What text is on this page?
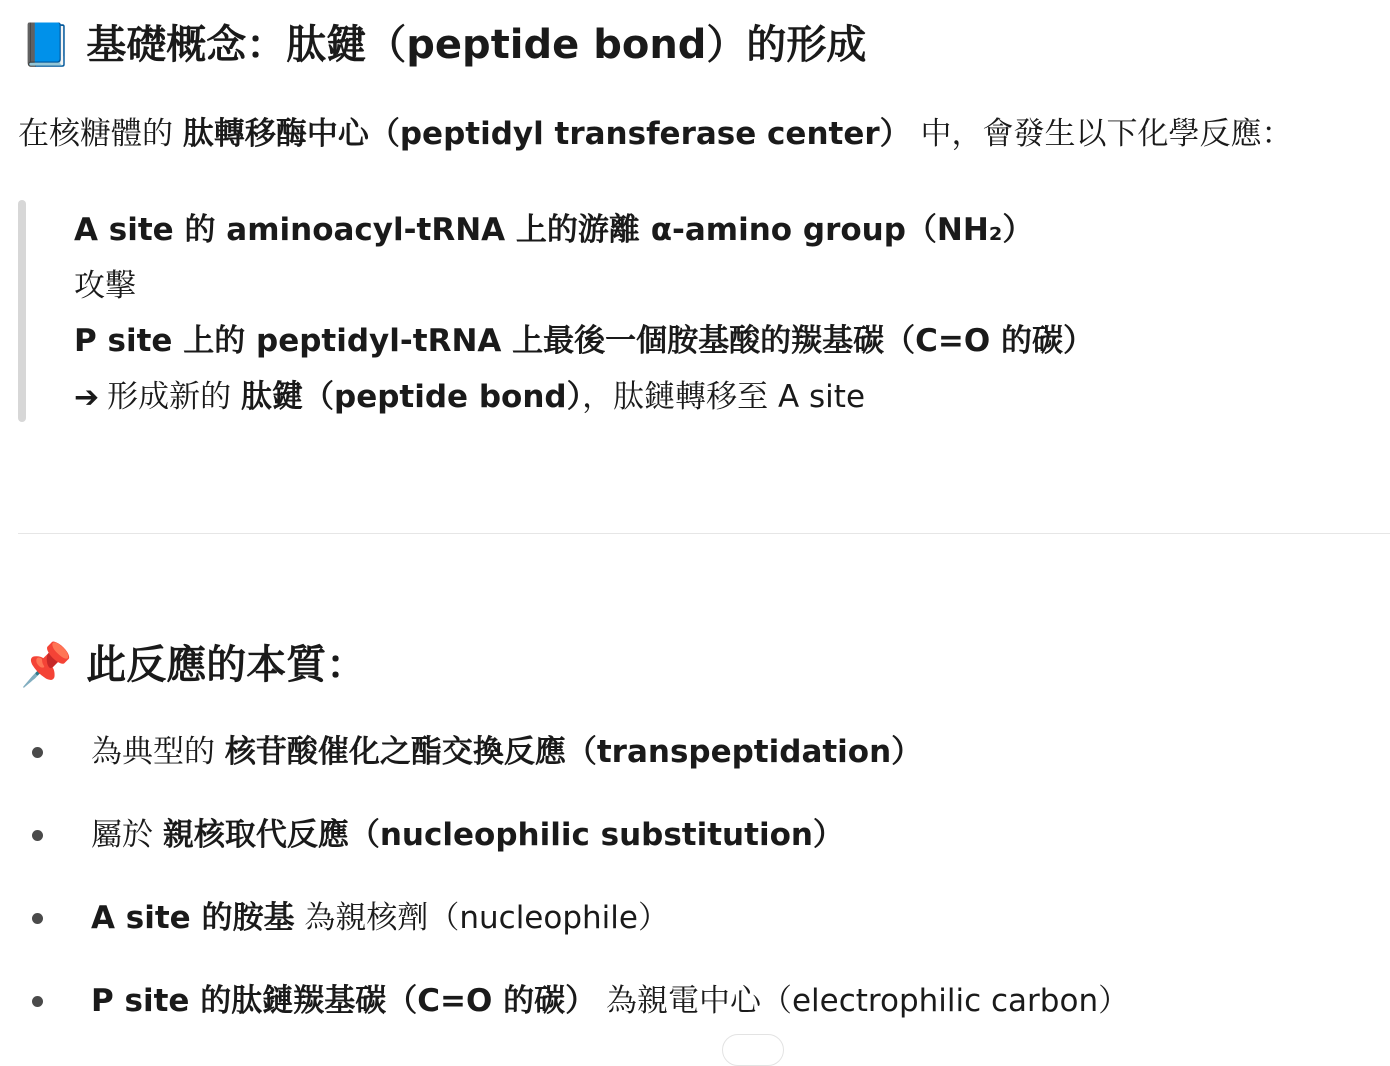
📘 基礎概念：肽鍵（peptide bond）的形成
在核糖體的 肽轉移酶中心（peptidyl transferase center） 中，會發生以下化學反應：
A site 的 aminoacyl-tRNA 上的游離 α-amino group（NH₂）
攻擊
P site 上的 peptidyl-tRNA 上最後一個胺基酸的羰基碳（C=O 的碳）
➔ 形成新的 肽鍵（peptide bond），肽鏈轉移至 A site
📌 此反應的本質：
為典型的 核苷酸催化之酯交換反應（transpeptidation）
屬於 親核取代反應（nucleophilic substitution）
A site 的胺基 為親核劑（nucleophile）
P site 的肽鏈羰基碳（C=O 的碳） 為親電中心（electrophilic carbon）
